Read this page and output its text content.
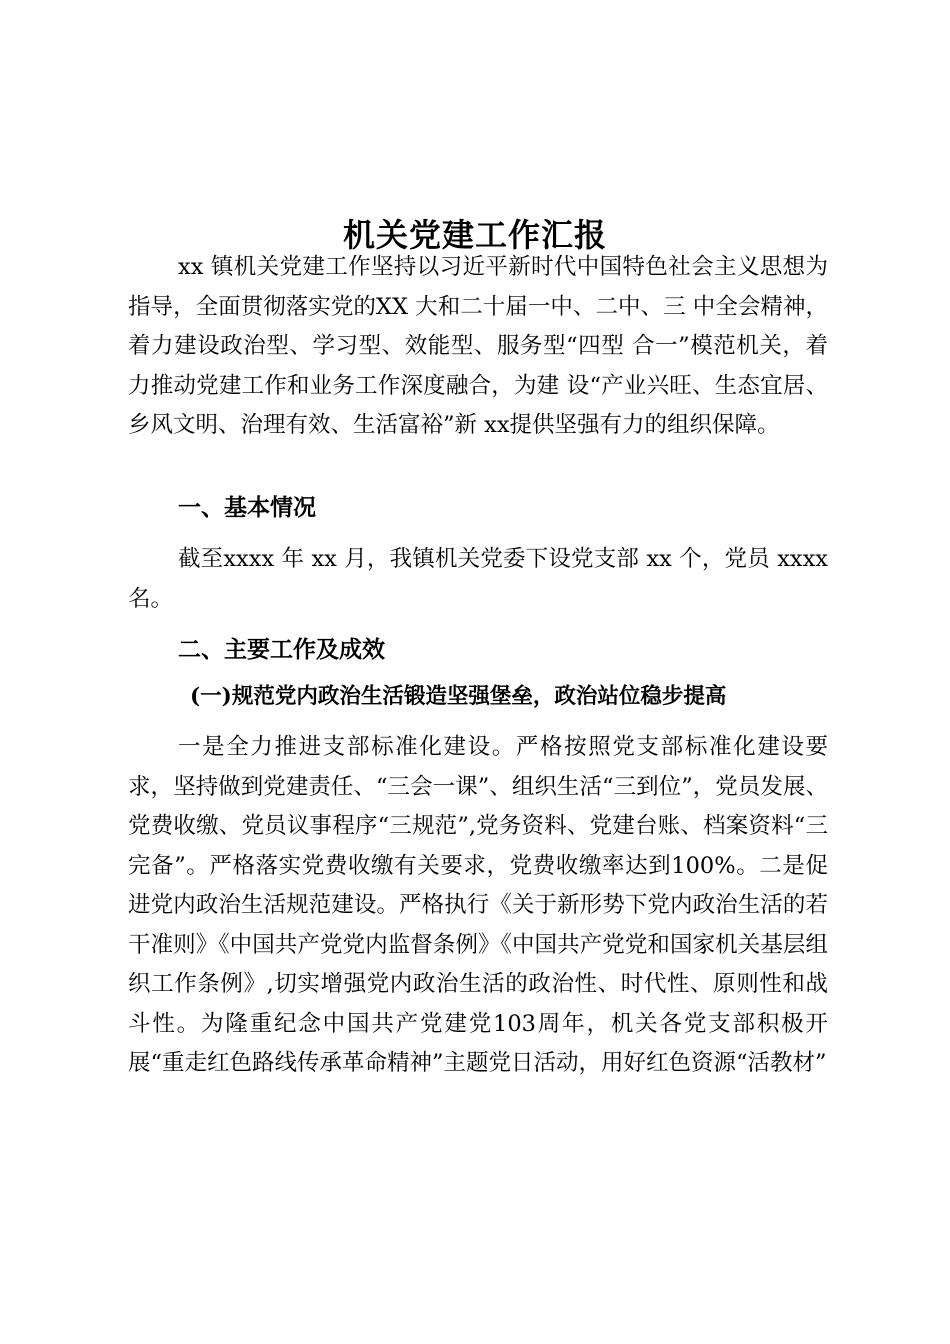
机关党建工作汇报

xx 镇机关党建工作坚持以习近平新时代中国特色社会主义思想为指导，全面贯彻落实党的XX 大和二十届一中、二中、三 中全会精神，着力建设政治型、学习型、效能型、服务型“四型 合一”模范机关，着力推动党建工作和业务工作深度融合，为建 设“产业兴旺、生态宜居、乡风文明、治理有效、生活富裕”新 xx提供坚强有力的组织保障。

一、基本情况

截至xxxx 年 xx 月，我镇机关党委下设党支部 xx 个，党员 xxxx名。

二、主要工作及成效
(一)规范党内政治生活锻造坚强堡垒，政治站位稳步提高

一是全力推进支部标准化建设。严格按照党支部标准化建设要求，坚持做到党建责任、“三会一课”、组织生活“三到位”，党员发展、党费收缴、党员议事程序“三规范”,党务资料、党建台账、档案资料“三完备”。严格落实党费收缴有关要求，党费收缴率达到100%。二是促进党内政治生活规范建设。严格执行《关于新形势下党内政治生活的若干准则》《中国共产党党内监督条例》《中国共产党党和国家机关基层组织工作条例》,切实增强党内政治生活的政治性、时代性、原则性和战斗性。为隆重纪念中国共产党建党103周年，机关各党支部积极开展“重走红色路线传承革命精神”主题党日活动，用好红色资源“活教材”
